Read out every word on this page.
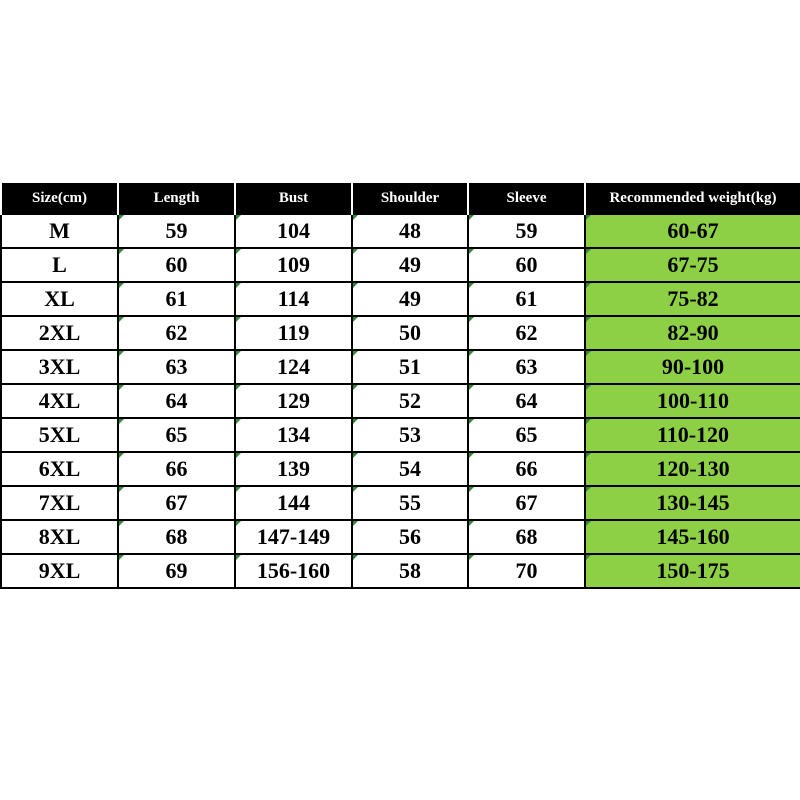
Size(cm)	Length	Bust	Shoulder	Sleeve	Recommended weight(kg)
M	59	104	48	59	60-67
L	60	109	49	60	67-75
XL	61	114	49	61	75-82
2XL	62	119	50	62	82-90
3XL	63	124	51	63	90-100
4XL	64	129	52	64	100-110
5XL	65	134	53	65	110-120
6XL	66	139	54	66	120-130
7XL	67	144	55	67	130-145
8XL	68	147-149	56	68	145-160
9XL	69	156-160	58	70	150-175
